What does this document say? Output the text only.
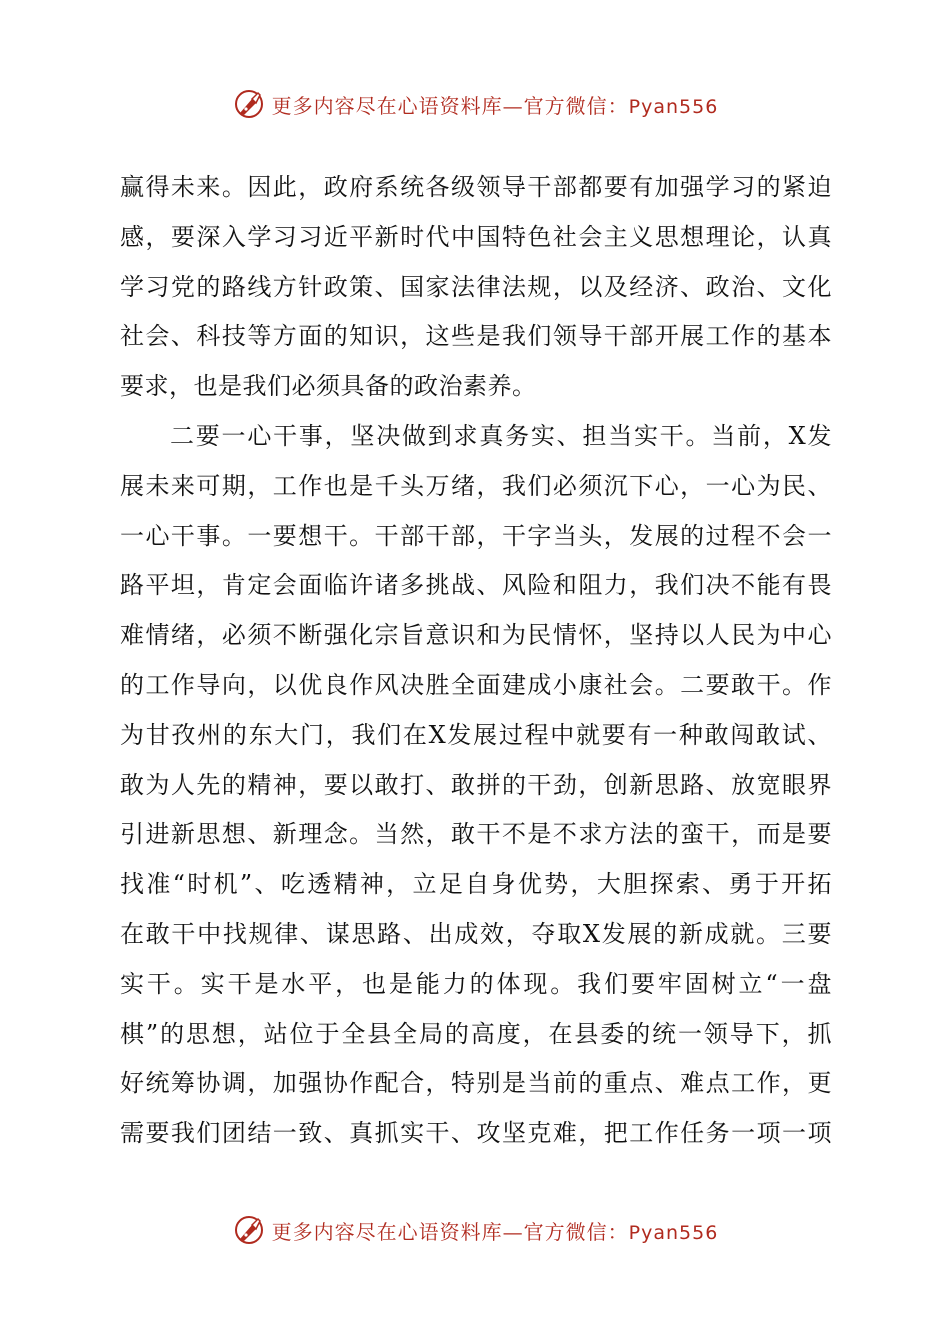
更多内容尽在心语资料库—官方微信：Pyan556
赢得未来。因此，政府系统各级领导干部都要有加强学习的紧迫
感，要深入学习习近平新时代中国特色社会主义思想理论，认真
学习党的路线方针政策、国家法律法规，以及经济、政治、文化
社会、科技等方面的知识，这些是我们领导干部开展工作的基本
要求，也是我们必须具备的政治素养。
二要一心干事，坚决做到求真务实、担当实干。当前，X发
展未来可期，工作也是千头万绪，我们必须沉下心，一心为民、
一心干事。一要想干。干部干部，干字当头，发展的过程不会一
路平坦，肯定会面临许诸多挑战、风险和阻力，我们决不能有畏
难情绪，必须不断强化宗旨意识和为民情怀，坚持以人民为中心
的工作导向，以优良作风决胜全面建成小康社会。二要敢干。作
为甘孜州的东大门，我们在X发展过程中就要有一种敢闯敢试、
敢为人先的精神，要以敢打、敢拼的干劲，创新思路、放宽眼界
引进新思想、新理念。当然，敢干不是不求方法的蛮干，而是要
找准“时机”、吃透精神，立足自身优势，大胆探索、勇于开拓
在敢干中找规律、谋思路、出成效，夺取X发展的新成就。三要
实干。实干是水平，也是能力的体现。我们要牢固树立“一盘
棋”的思想，站位于全县全局的高度，在县委的统一领导下，抓
好统筹协调，加强协作配合，特别是当前的重点、难点工作，更
需要我们团结一致、真抓实干、攻坚克难，把工作任务一项一项
更多内容尽在心语资料库—官方微信：Pyan556
